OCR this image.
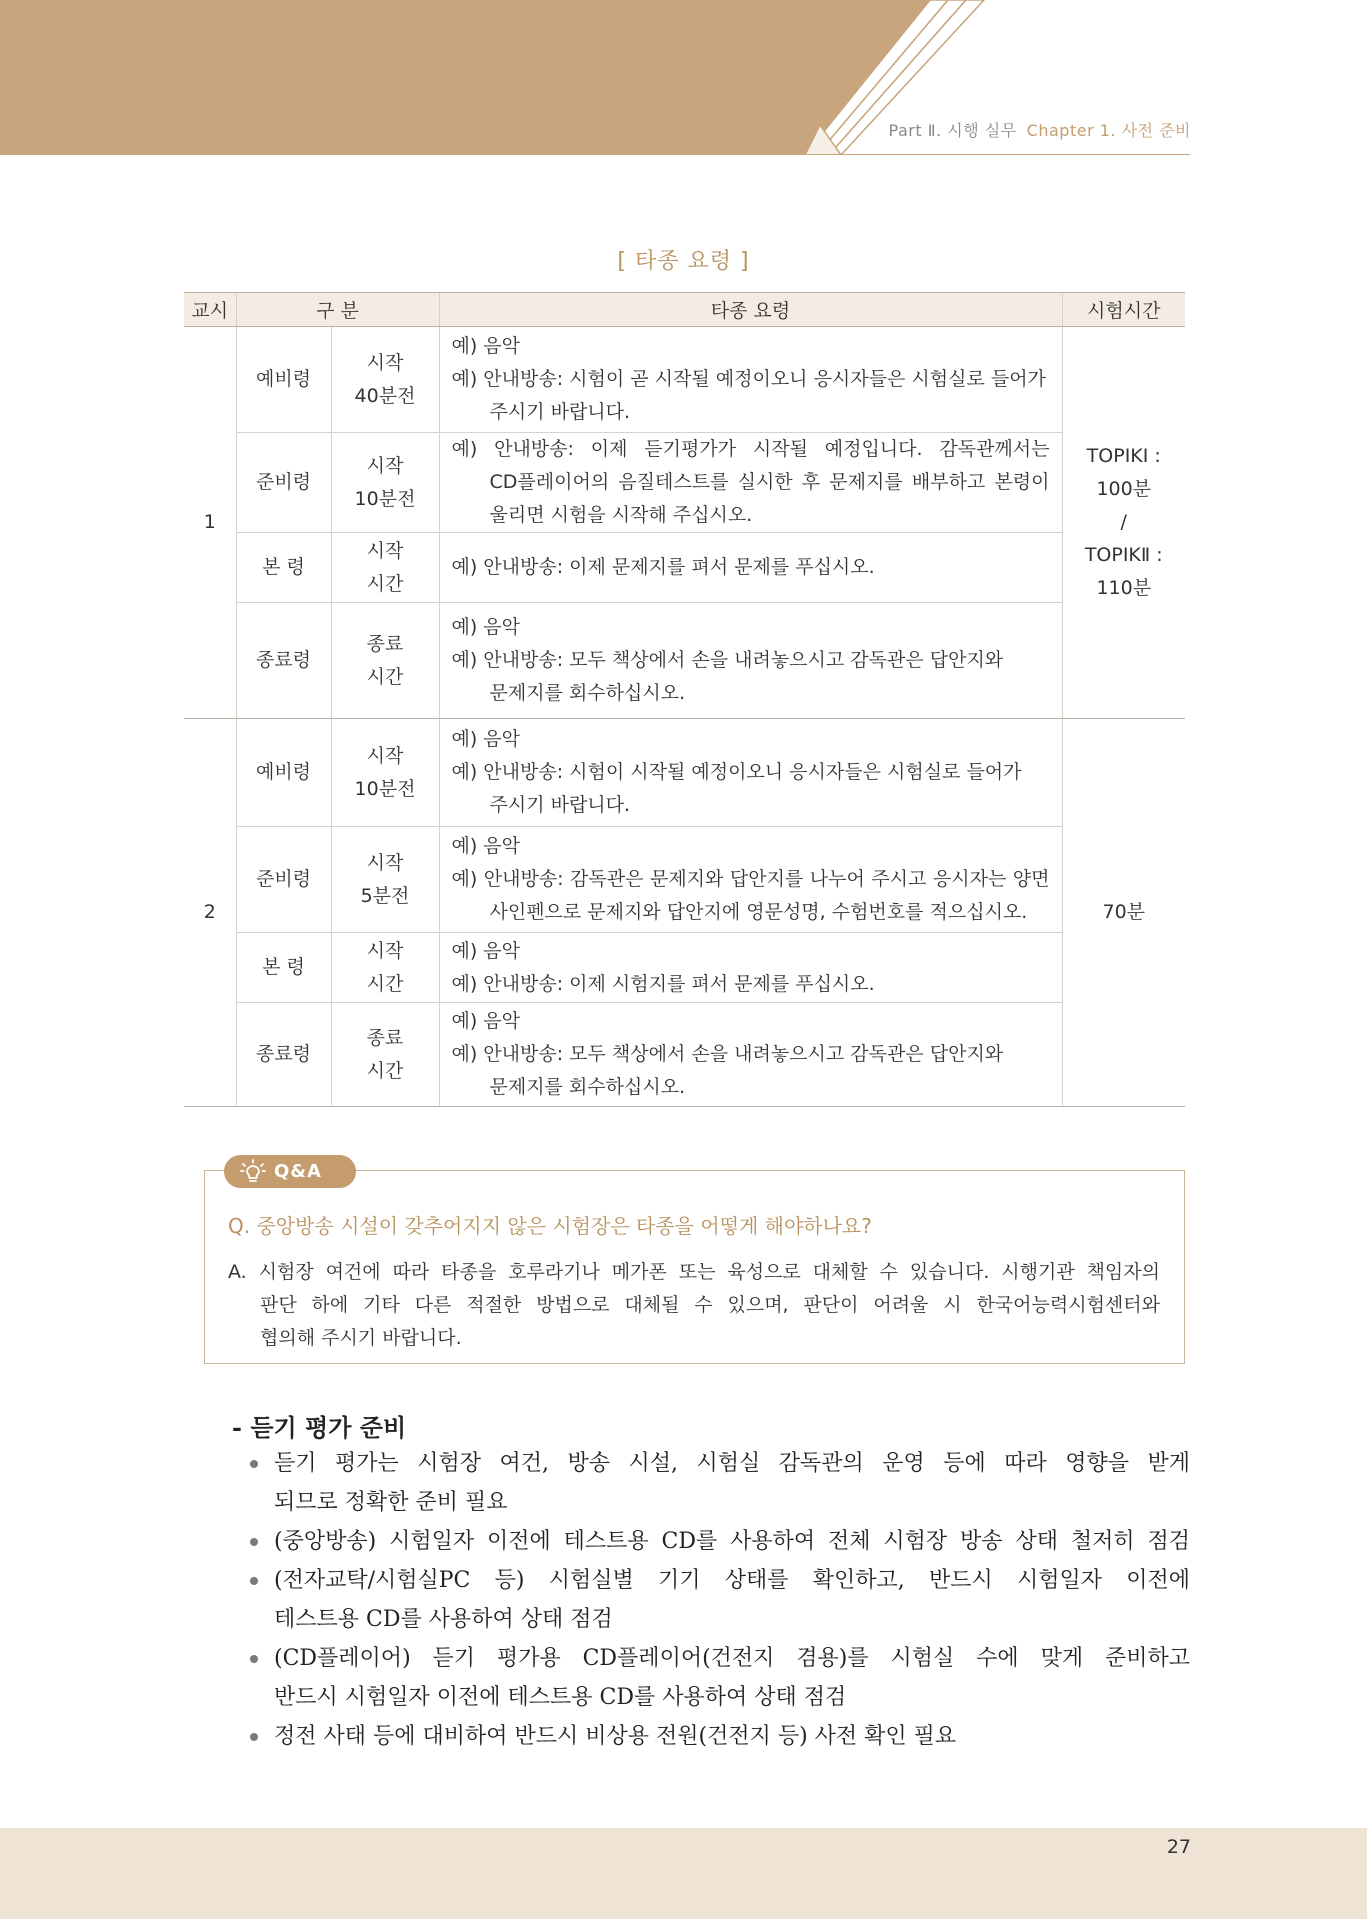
Part Ⅱ. 시행 실무 Chapter 1. 사전 준비
[ 타종 요령 ]
교시	구 분		타종 요령	시험시간
1	예비령	시작
40분전	예) 음악
예) 안내방송: 시험이 곧 시작될 예정이오니 응시자들은 시험실로 들어가
주시기 바랍니다.	TOPIKⅠ :
100분
/
TOPIKⅡ :
110분

	준비령	시작
10분전	예) 안내방송: 이제 듣기평가가 시작될 예정입니다. 감독관께서는
CD플레이어의 음질테스트를 실시한 후 문제지를 배부하고 본령이
울리면 시험을 시작해 주십시오.	

	본 령	시작
시간	예) 안내방송: 이제 문제지를 펴서 문제를 푸십시오.	

	종료령	종료
시간	예) 음악
예) 안내방송: 모두 책상에서 손을 내려놓으시고 감독관은 답안지와
문제지를 회수하십시오.	

2	예비령	시작
10분전	예) 음악
예) 안내방송: 시험이 시작될 예정이오니 응시자들은 시험실로 들어가
주시기 바랍니다.	70분

	준비령	시작
5분전	예) 음악
예) 안내방송: 감독관은 문제지와 답안지를 나누어 주시고 응시자는 양면
사인펜으로 문제지와 답안지에 영문성명, 수험번호를 적으십시오.	

	본 령	시작
시간	예) 음악
예) 안내방송: 이제 시험지를 펴서 문제를 푸십시오.	

	종료령	종료
시간	예) 음악
예) 안내방송: 모두 책상에서 손을 내려놓으시고 감독관은 답안지와
문제지를 회수하십시오.	
Q&A
Q. 중앙방송 시설이 갖추어지지 않은 시험장은 타종을 어떻게 해야하나요?
A. 시험장 여건에 따라 타종을 호루라기나 메가폰 또는 육성으로 대체할 수 있습니다. 시행기관 책임자의
판단 하에 기타 다른 적절한 방법으로 대체될 수 있으며, 판단이 어려울 시 한국어능력시험센터와
협의해 주시기 바랍니다.
- 듣기 평가 준비
듣기 평가는 시험장 여건, 방송 시설, 시험실 감독관의 운영 등에 따라 영향을 받게
되므로 정확한 준비 필요
(중앙방송) 시험일자 이전에 테스트용 CD를 사용하여 전체 시험장 방송 상태 철저히 점검
(전자교탁/시험실PC 등) 시험실별 기기 상태를 확인하고, 반드시 시험일자 이전에
테스트용 CD를 사용하여 상태 점검
(CD플레이어) 듣기 평가용 CD플레이어(건전지 겸용)를 시험실 수에 맞게 준비하고
반드시 시험일자 이전에 테스트용 CD를 사용하여 상태 점검
정전 사태 등에 대비하여 반드시 비상용 전원(건전지 등) 사전 확인 필요
27
